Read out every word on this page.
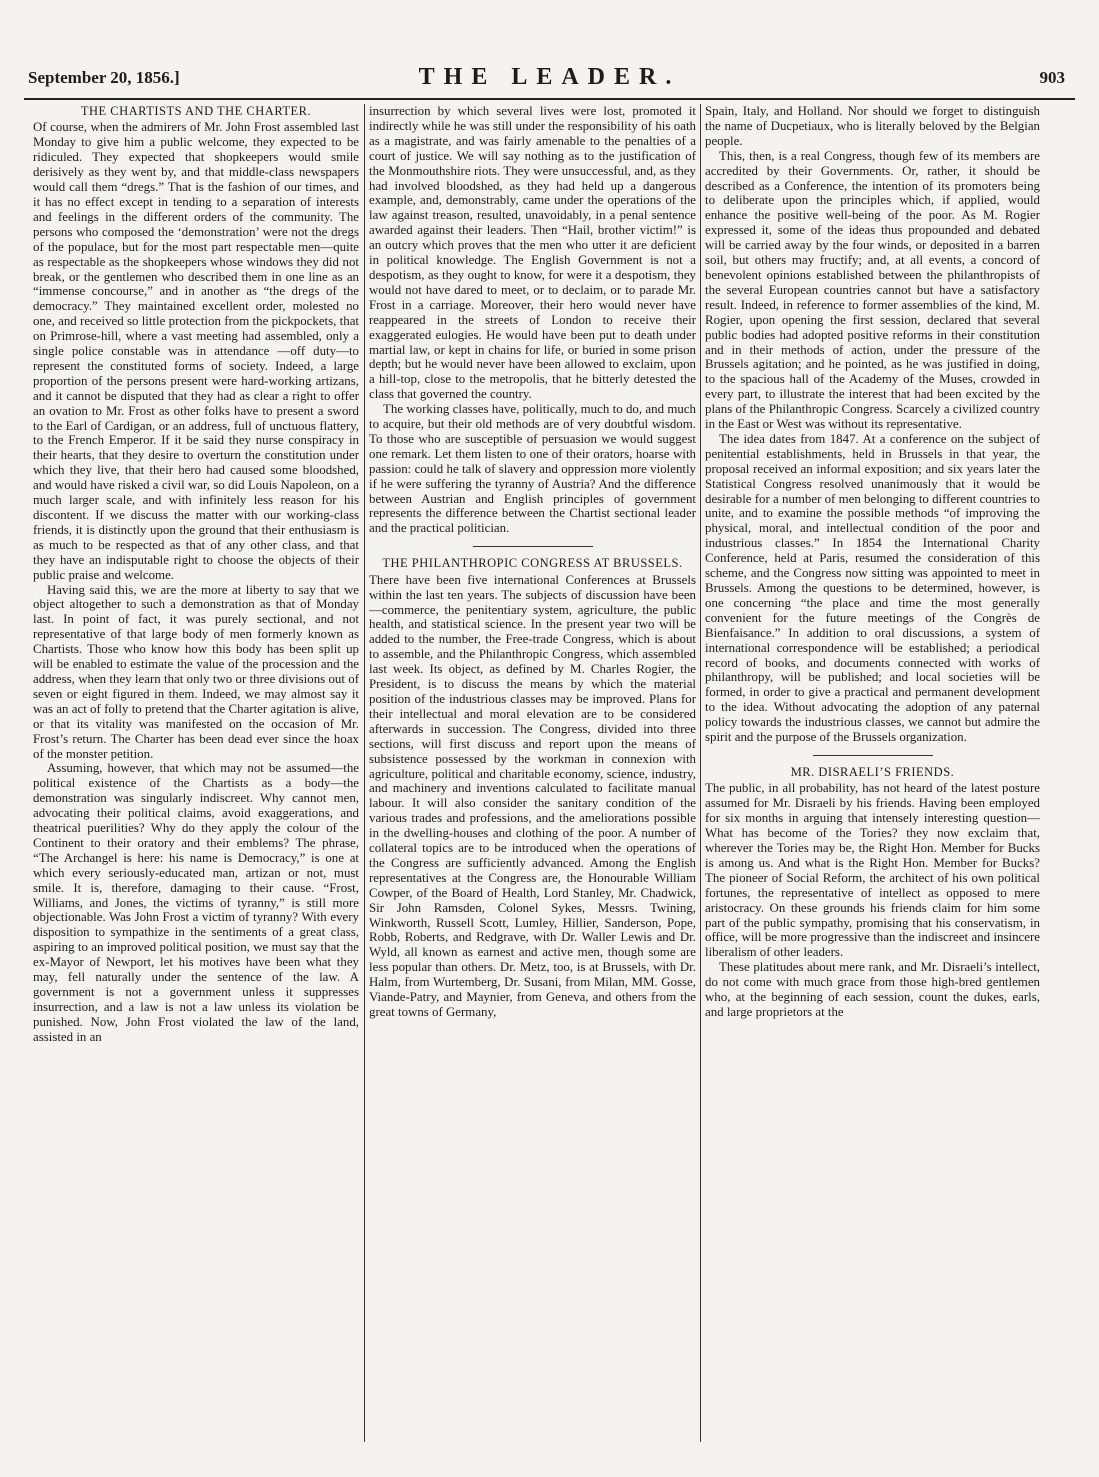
September 20, 1856.]	THE LEADER.	903
THE CHARTISTS AND THE CHARTER.

Of course, when the admirers of Mr. John Frost assembled last Monday to give him a public welcome, they expected to be ridiculed. They expected that shopkeepers would smile derisively as they went by, and that middle-class newspapers would call them “dregs.” That is the fashion of our times, and it has no effect except in tending to a separation of interests and feelings in the different orders of the community. The persons who composed the ‘demonstration’ were not the dregs of the populace, but for the most part respectable men—quite as respectable as the shopkeepers whose windows they did not break, or the gentlemen who described them in one line as an “immense concourse,” and in another as “the dregs of the democracy.” They maintained excellent order, molested no one, and received so little protection from the pickpockets, that on Primrose-hill, where a vast meeting had assembled, only a single police constable was in attendance —off duty—to represent the constituted forms of society. Indeed, a large proportion of the persons present were hard-working artizans, and it cannot be disputed that they had as clear a right to offer an ovation to Mr. Frost as other folks have to present a sword to the Earl of Cardigan, or an address, full of unctuous flattery, to the French Emperor. If it be said they nurse conspiracy in their hearts, that they desire to overturn the constitution under which they live, that their hero had caused some bloodshed, and would have risked a civil war, so did Louis Napoleon, on a much larger scale, and with infinitely less reason for his discontent. If we discuss the matter with our working-class friends, it is distinctly upon the ground that their enthusiasm is as much to be respected as that of any other class, and that they have an indisputable right to choose the objects of their public praise and welcome.

Having said this, we are the more at liberty to say that we object altogether to such a demonstration as that of Monday last. In point of fact, it was purely sectional, and not representative of that large body of men formerly known as Chartists. Those who know how this body has been split up will be enabled to estimate the value of the procession and the address, when they learn that only two or three divisions out of seven or eight figured in them. Indeed, we may almost say it was an act of folly to pretend that the Charter agitation is alive, or that its vitality was manifested on the occasion of Mr. Frost’s return. The Charter has been dead ever since the hoax of the monster petition.

Assuming, however, that which may not be assumed—the political existence of the Chartists as a body—the demonstration was singularly indiscreet. Why cannot men, advocating their political claims, avoid exaggerations, and theatrical puerilities? Why do they apply the colour of the Continent to their oratory and their emblems? The phrase, “The Archangel is here: his name is Democracy,” is one at which every seriously-educated man, artizan or not, must smile. It is, therefore, damaging to their cause. “Frost, Williams, and Jones, the victims of tyranny,” is still more objectionable. Was John Frost a victim of tyranny? With every disposition to sympathize in the sentiments of a great class, aspiring to an improved political position, we must say that the ex-Mayor of Newport, let his motives have been what they may, fell naturally under the sentence of the law. A government is not a government unless it suppresses insurrection, and a law is not a law unless its violation be punished. Now, John Frost violated the law of the land, assisted in an

insurrection by which several lives were lost, promoted it indirectly while he was still under the responsibility of his oath as a magistrate, and was fairly amenable to the penalties of a court of justice. We will say nothing as to the justification of the Monmouthshire riots. They were unsuccessful, and, as they had involved bloodshed, as they had held up a dangerous example, and, demonstrably, came under the operations of the law against treason, resulted, unavoidably, in a penal sentence awarded against their leaders. Then “Hail, brother victim!” is an outcry which proves that the men who utter it are deficient in political knowledge. The English Government is not a despotism, as they ought to know, for were it a despotism, they would not have dared to meet, or to declaim, or to parade Mr. Frost in a carriage. Moreover, their hero would never have reappeared in the streets of London to receive their exaggerated eulogies. He would have been put to death under martial law, or kept in chains for life, or buried in some prison depth; but he would never have been allowed to exclaim, upon a hill-top, close to the metropolis, that he bitterly detested the class that governed the country.

The working classes have, politically, much to do, and much to acquire, but their old methods are of very doubtful wisdom. To those who are susceptible of persuasion we would suggest one remark. Let them listen to one of their orators, hoarse with passion: could he talk of slavery and oppression more violently if he were suffering the tyranny of Austria? And the difference between Austrian and English principles of government represents the difference between the Chartist sectional leader and the practical politician.

THE PHILANTHROPIC CONGRESS AT BRUSSELS.

There have been five international Conferences at Brussels within the last ten years. The subjects of discussion have been—commerce, the penitentiary system, agriculture, the public health, and statistical science. In the present year two will be added to the number, the Free-trade Congress, which is about to assemble, and the Philanthropic Congress, which assembled last week. Its object, as defined by M. Charles Rogier, the President, is to discuss the means by which the material position of the industrious classes may be improved. Plans for their intellectual and moral elevation are to be considered afterwards in succession. The Congress, divided into three sections, will first discuss and report upon the means of subsistence possessed by the workman in connexion with agriculture, political and charitable economy, science, industry, and machinery and inventions calculated to facilitate manual labour. It will also consider the sanitary condition of the various trades and professions, and the ameliorations possible in the dwelling-houses and clothing of the poor. A number of collateral topics are to be introduced when the operations of the Congress are sufficiently advanced. Among the English representatives at the Congress are, the Honourable William Cowper, of the Board of Health, Lord Stanley, Mr. Chadwick, Sir John Ramsden, Colonel Sykes, Messrs. Twining, Winkworth, Russell Scott, Lumley, Hillier, Sanderson, Pope, Robb, Roberts, and Redgrave, with Dr. Waller Lewis and Dr. Wyld, all known as earnest and active men, though some are less popular than others. Dr. Metz, too, is at Brussels, with Dr. Halm, from Wurtemberg, Dr. Susani, from Milan, MM. Gosse, Viande-Patry, and Maynier, from Geneva, and others from the great towns of Germany,

Spain, Italy, and Holland. Nor should we forget to distinguish the name of Ducpetiaux, who is literally beloved by the Belgian people.

This, then, is a real Congress, though few of its members are accredited by their Governments. Or, rather, it should be described as a Conference, the intention of its promoters being to deliberate upon the principles which, if applied, would enhance the positive well-being of the poor. As M. Rogier expressed it, some of the ideas thus propounded and debated will be carried away by the four winds, or deposited in a barren soil, but others may fructify; and, at all events, a concord of benevolent opinions established between the philanthropists of the several European countries cannot but have a satisfactory result. Indeed, in reference to former assemblies of the kind, M. Rogier, upon opening the first session, declared that several public bodies had adopted positive reforms in their constitution and in their methods of action, under the pressure of the Brussels agitation; and he pointed, as he was justified in doing, to the spacious hall of the Academy of the Muses, crowded in every part, to illustrate the interest that had been excited by the plans of the Philanthropic Congress. Scarcely a civilized country in the East or West was without its representative.

The idea dates from 1847. At a conference on the subject of penitential establishments, held in Brussels in that year, the proposal received an informal exposition; and six years later the Statistical Congress resolved unanimously that it would be desirable for a number of men belonging to different countries to unite, and to examine the possible methods “of improving the physical, moral, and intellectual condition of the poor and industrious classes.” In 1854 the International Charity Conference, held at Paris, resumed the consideration of this scheme, and the Congress now sitting was appointed to meet in Brussels. Among the questions to be determined, however, is one concerning “the place and time the most generally convenient for the future meetings of the Congrès de Bienfaisance.” In addition to oral discussions, a system of international correspondence will be established; a periodical record of books, and documents connected with works of philanthropy, will be published; and local societies will be formed, in order to give a practical and permanent development to the idea. Without advocating the adoption of any paternal policy towards the industrious classes, we cannot but admire the spirit and the purpose of the Brussels organization.

MR. DISRAELI’S FRIENDS.

The public, in all probability, has not heard of the latest posture assumed for Mr. Disraeli by his friends. Having been employed for six months in arguing that intensely interesting question—What has become of the Tories? they now exclaim that, wherever the Tories may be, the Right Hon. Member for Bucks is among us. And what is the Right Hon. Member for Bucks? The pioneer of Social Reform, the architect of his own political fortunes, the representative of intellect as opposed to mere aristocracy. On these grounds his friends claim for him some part of the public sympathy, promising that his conservatism, in office, will be more progressive than the indiscreet and insincere liberalism of other leaders.

These platitudes about mere rank, and Mr. Disraeli’s intellect, do not come with much grace from those high-bred gentlemen who, at the beginning of each session, count the dukes, earls, and large proprietors at the
